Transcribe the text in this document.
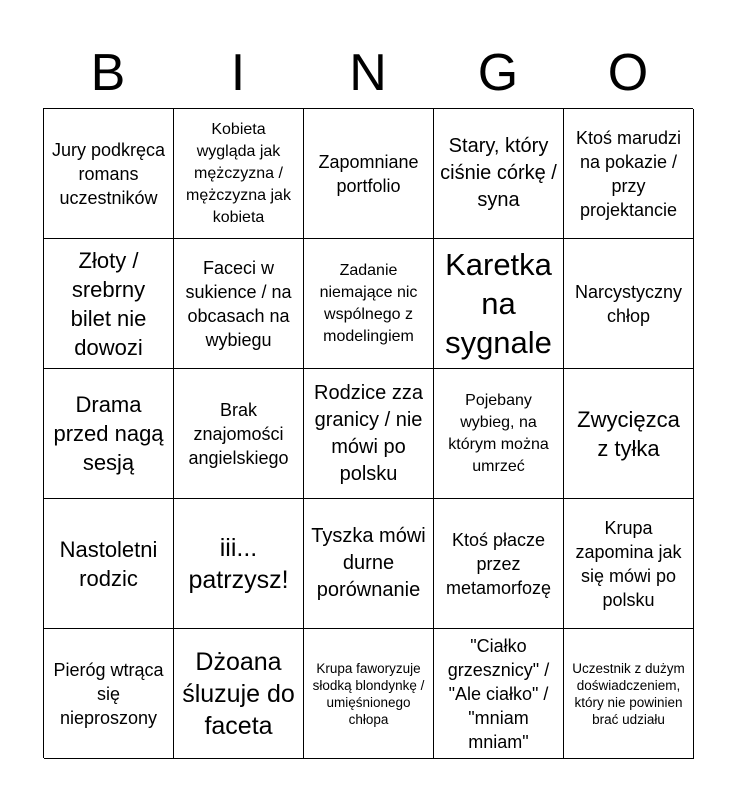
B	I	N	G	O
Jury podkręca romans uczestników
Kobieta wygląda jak mężczyzna / mężczyzna jak kobieta
Zapomniane portfolio
Stary, który ciśnie córkę / syna
Ktoś marudzi na pokazie / przy projektancie
Złoty / srebrny bilet nie dowozi
Faceci w sukience / na obcasach na wybiegu
Zadanie niemające nic wspólnego z modelingiem
Karetka na sygnale
Narcystyczny chłop
Drama przed nagą sesją
Brak znajomości angielskiego
Rodzice zza granicy / nie mówi po polsku
Pojebany wybieg, na którym można umrzeć
Zwycięzca z tyłka
Nastoletni rodzic
iii... patrzysz!
Tyszka mówi durne porównanie
Ktoś płacze przez metamorfozę
Krupa zapomina jak się mówi po polsku
Pieróg wtrąca się nieproszony
Dżoana śluzuje do faceta
Krupa faworyzuje słodką blondynkę / umięśnionego chłopa
"Ciałko grzesznicy" / "Ale ciałko" / "mniam mniam"
Uczestnik z dużym doświadczeniem, który nie powinien brać udziału
